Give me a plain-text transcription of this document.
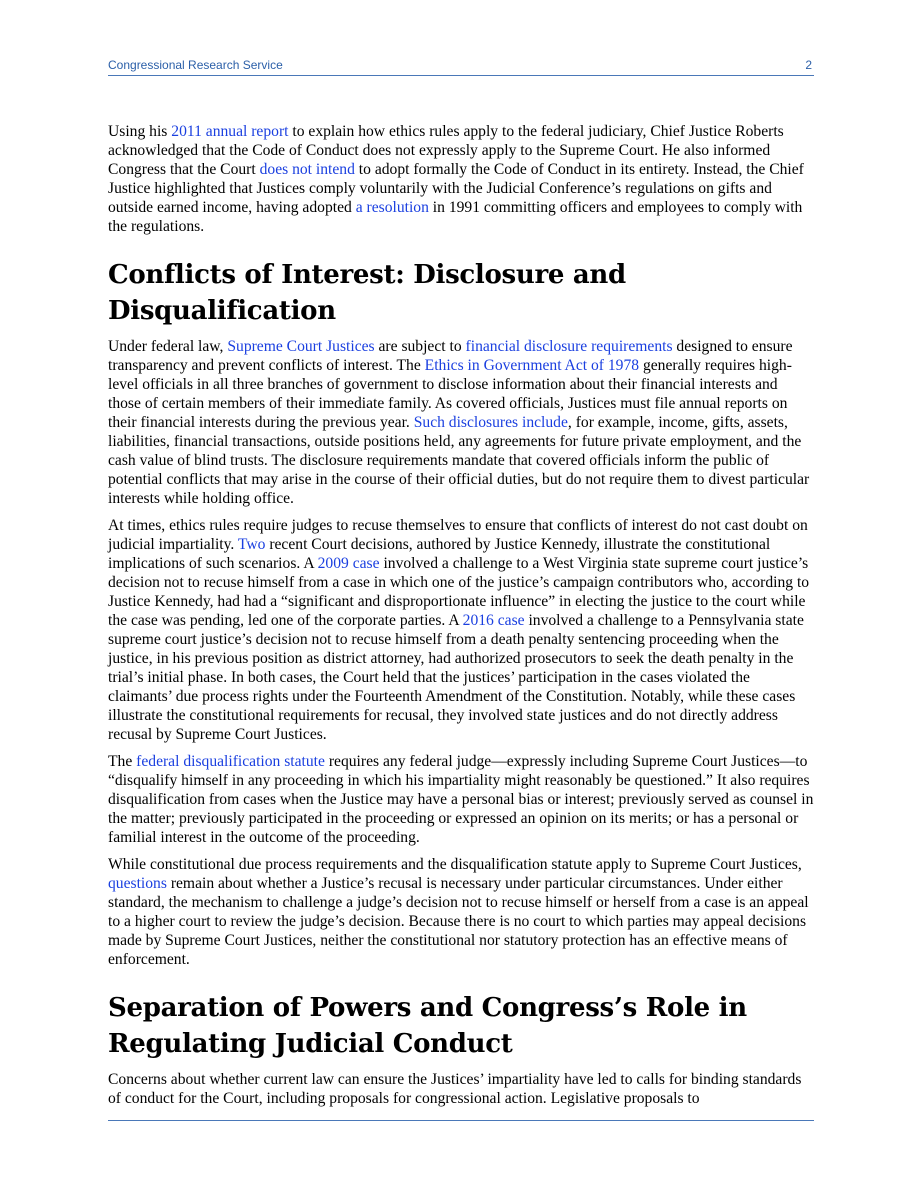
Congressional Research Service	2

Using his 2011 annual report to explain how ethics rules apply to the federal judiciary, Chief Justice Roberts acknowledged that the Code of Conduct does not expressly apply to the Supreme Court. He also informed Congress that the Court does not intend to adopt formally the Code of Conduct in its entirety. Instead, the Chief Justice highlighted that Justices comply voluntarily with the Judicial Conference’s regulations on gifts and outside earned income, having adopted a resolution in 1991 committing officers and employees to comply with the regulations.

Conflicts of Interest: Disclosure and Disqualification

Under federal law, Supreme Court Justices are subject to financial disclosure requirements designed to ensure transparency and prevent conflicts of interest. The Ethics in Government Act of 1978 generally requires high-level officials in all three branches of government to disclose information about their financial interests and those of certain members of their immediate family. As covered officials, Justices must file annual reports on their financial interests during the previous year. Such disclosures include, for example, income, gifts, assets, liabilities, financial transactions, outside positions held, any agreements for future private employment, and the cash value of blind trusts. The disclosure requirements mandate that covered officials inform the public of potential conflicts that may arise in the course of their official duties, but do not require them to divest particular interests while holding office.

At times, ethics rules require judges to recuse themselves to ensure that conflicts of interest do not cast doubt on judicial impartiality. Two recent Court decisions, authored by Justice Kennedy, illustrate the constitutional implications of such scenarios. A 2009 case involved a challenge to a West Virginia state supreme court justice’s decision not to recuse himself from a case in which one of the justice’s campaign contributors who, according to Justice Kennedy, had had a “significant and disproportionate influence” in electing the justice to the court while the case was pending, led one of the corporate parties. A 2016 case involved a challenge to a Pennsylvania state supreme court justice’s decision not to recuse himself from a death penalty sentencing proceeding when the justice, in his previous position as district attorney, had authorized prosecutors to seek the death penalty in the trial’s initial phase. In both cases, the Court held that the justices’ participation in the cases violated the claimants’ due process rights under the Fourteenth Amendment of the Constitution. Notably, while these cases illustrate the constitutional requirements for recusal, they involved state justices and do not directly address recusal by Supreme Court Justices.

The federal disqualification statute requires any federal judge—expressly including Supreme Court Justices—to “disqualify himself in any proceeding in which his impartiality might reasonably be questioned.” It also requires disqualification from cases when the Justice may have a personal bias or interest; previously served as counsel in the matter; previously participated in the proceeding or expressed an opinion on its merits; or has a personal or familial interest in the outcome of the proceeding.

While constitutional due process requirements and the disqualification statute apply to Supreme Court Justices, questions remain about whether a Justice’s recusal is necessary under particular circumstances. Under either standard, the mechanism to challenge a judge’s decision not to recuse himself or herself from a case is an appeal to a higher court to review the judge’s decision. Because there is no court to which parties may appeal decisions made by Supreme Court Justices, neither the constitutional nor statutory protection has an effective means of enforcement.

Separation of Powers and Congress’s Role in Regulating Judicial Conduct

Concerns about whether current law can ensure the Justices’ impartiality have led to calls for binding standards of conduct for the Court, including proposals for congressional action. Legislative proposals to
